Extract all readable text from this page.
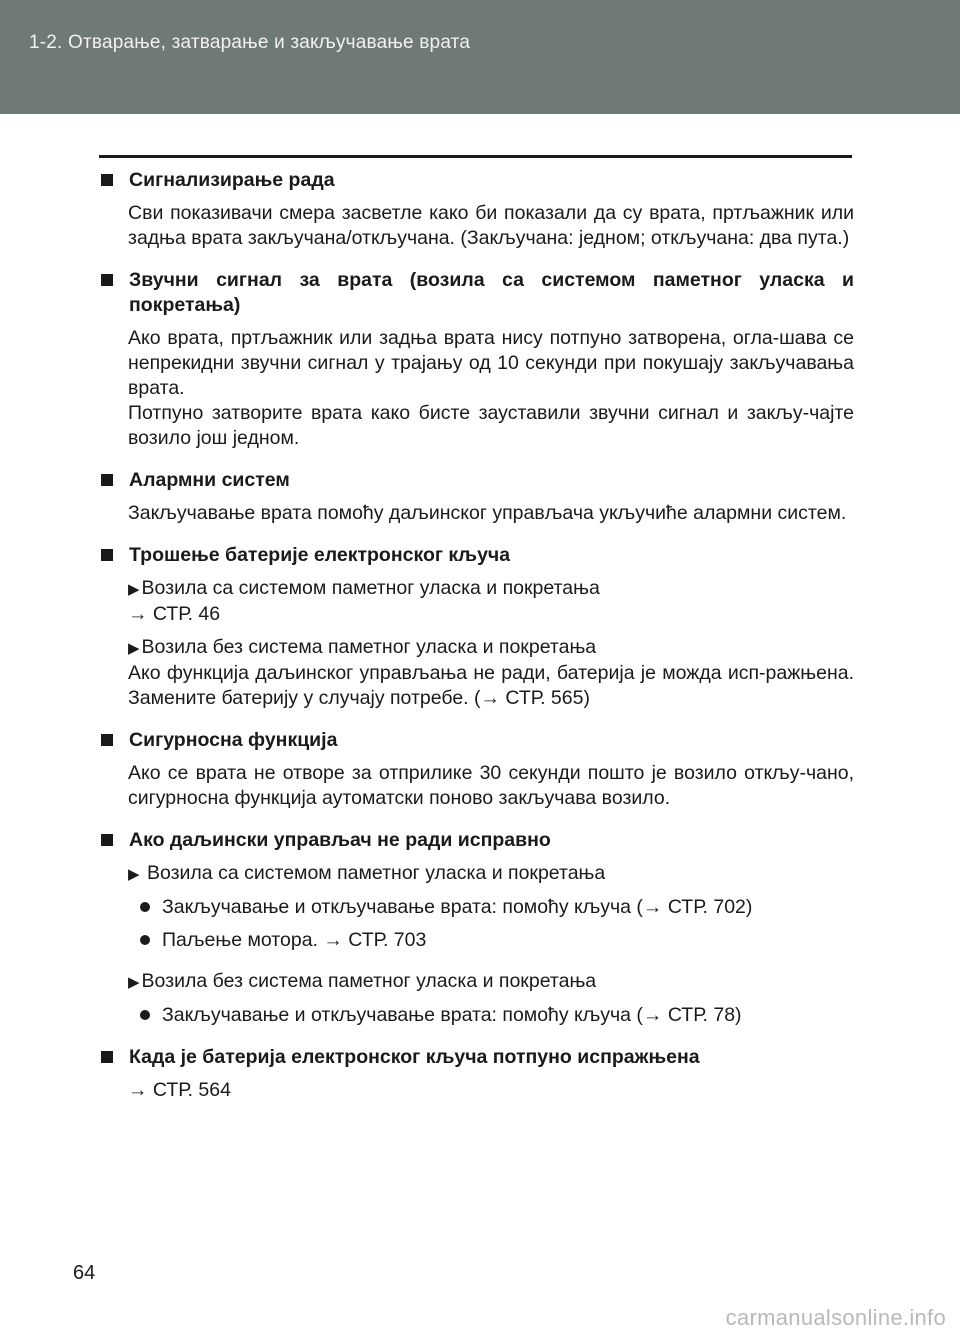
1-2. Отварање, затварање и закључавање врата
Сигнализирање рада

Сви показивачи смера засветле како би показали да су врата, пртљажник или задња врата закључана/откључана. (Закључана: једном; откључана: два пута.)

Звучни сигнал за врата (возила са системом паметног уласка и покретања)

Ако врата, пртљажник или задња врата нису потпуно затворена, огла-шава се непрекидни звучни сигнал у трајању од 10 секунди при покушају закључавања врата.

Потпуно затворите врата како бисте зауставили звучни сигнал и закљу-чајте возило још једном.

Алармни систем

Закључавање врата помоћу даљинског управљача укључиће алармни систем.

Трошење батерије електронског кључа

▶ Возила са системом паметног уласка и покретања

→ СТР. 46

▶ Возила без система паметног уласка и покретања

Ако функција даљинског управљања не ради, батерија је можда исп-ражњена. Замените батерију у случају потребе. (→ СТР. 565)

Сигурносна функција

Ако се врата не отворе за отприлике 30 секунди пошто је возило откљу-чано, сигурносна функција аутоматски поново закључава возило.

Ако даљински управљач не ради исправно

▶ Возила са системом паметног уласка и покретања

Закључавање и откључавање врата: помоћу кључа (→ СТР. 702)
Паљење мотора. → СТР. 703

▶ Возила без система паметног уласка и покретања

Закључавање и откључавање врата: помоћу кључа (→ СТР. 78)
Када је батерија електронског кључа потпуно испражњена

→ СТР. 564

64
carmanualsonline.info
